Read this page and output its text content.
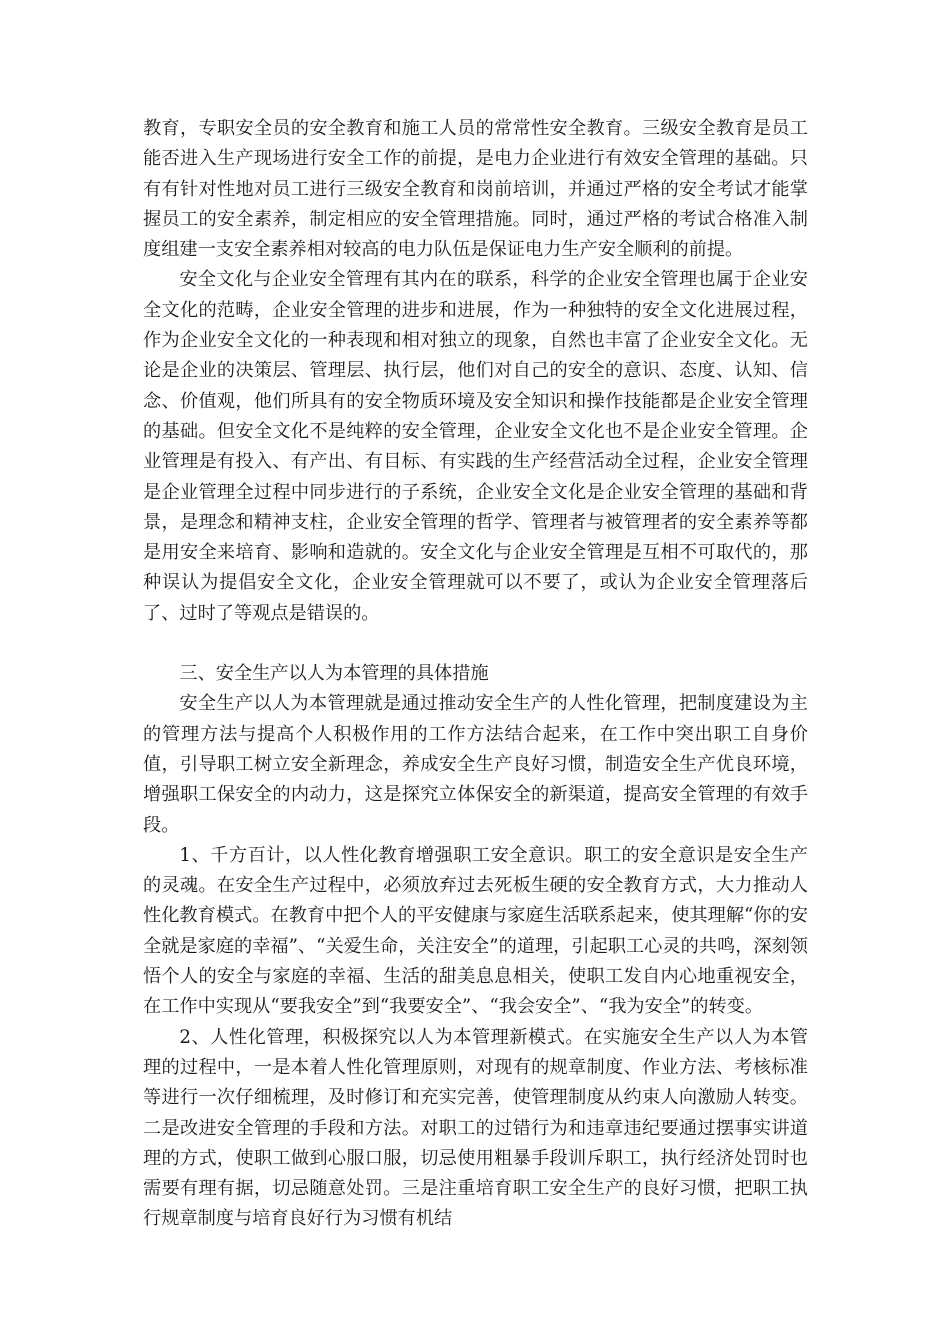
教育，专职安全员的安全教育和施工人员的常常性安全教育。三级安全教育是员工能否进入生产现场进行安全工作的前提，是电力企业进行有效安全管理的基础。只有有针对性地对员工进行三级安全教育和岗前培训，并通过严格的安全考试才能掌握员工的安全素养，制定相应的安全管理措施。同时，通过严格的考试合格准入制度组建一支安全素养相对较高的电力队伍是保证电力生产安全顺利的前提。

安全文化与企业安全管理有其内在的联系，科学的企业安全管理也属于企业安全文化的范畴，企业安全管理的进步和进展，作为一种独特的安全文化进展过程，作为企业安全文化的一种表现和相对独立的现象，自然也丰富了企业安全文化。无论是企业的决策层、管理层、执行层，他们对自己的安全的意识、态度、认知、信念、价值观，他们所具有的安全物质环境及安全知识和操作技能都是企业安全管理的基础。但安全文化不是纯粹的安全管理，企业安全文化也不是企业安全管理。企业管理是有投入、有产出、有目标、有实践的生产经营活动全过程，企业安全管理是企业管理全过程中同步进行的子系统，企业安全文化是企业安全管理的基础和背景，是理念和精神支柱，企业安全管理的哲学、管理者与被管理者的安全素养等都是用安全来培育、影响和造就的。安全文化与企业安全管理是互相不可取代的，那种误认为提倡安全文化，企业安全管理就可以不要了，或认为企业安全管理落后了、过时了等观点是错误的。

三、安全生产以人为本管理的具体措施

安全生产以人为本管理就是通过推动安全生产的人性化管理，把制度建设为主的管理方法与提高个人积极作用的工作方法结合起来，在工作中突出职工自身价值，引导职工树立安全新理念，养成安全生产良好习惯，制造安全生产优良环境，增强职工保安全的内动力，这是探究立体保安全的新渠道，提高安全管理的有效手段。

1、千方百计，以人性化教育增强职工安全意识。职工的安全意识是安全生产的灵魂。在安全生产过程中，必须放弃过去死板生硬的安全教育方式，大力推动人性化教育模式。在教育中把个人的平安健康与家庭生活联系起来，使其理解“你的安全就是家庭的幸福”、“关爱生命，关注安全”的道理，引起职工心灵的共鸣，深刻领悟个人的安全与家庭的幸福、生活的甜美息息相关，使职工发自内心地重视安全，在工作中实现从“要我安全”到“我要安全”、“我会安全”、“我为安全”的转变。

2、人性化管理，积极探究以人为本管理新模式。在实施安全生产以人为本管理的过程中，一是本着人性化管理原则，对现有的规章制度、作业方法、考核标准等进行一次仔细梳理，及时修订和充实完善，使管理制度从约束人向激励人转变。二是改进安全管理的手段和方法。对职工的过错行为和违章违纪要通过摆事实讲道理的方式，使职工做到心服口服，切忌使用粗暴手段训斥职工，执行经济处罚时也需要有理有据，切忌随意处罚。三是注重培育职工安全生产的良好习惯，把职工执行规章制度与培育良好行为习惯有机结
